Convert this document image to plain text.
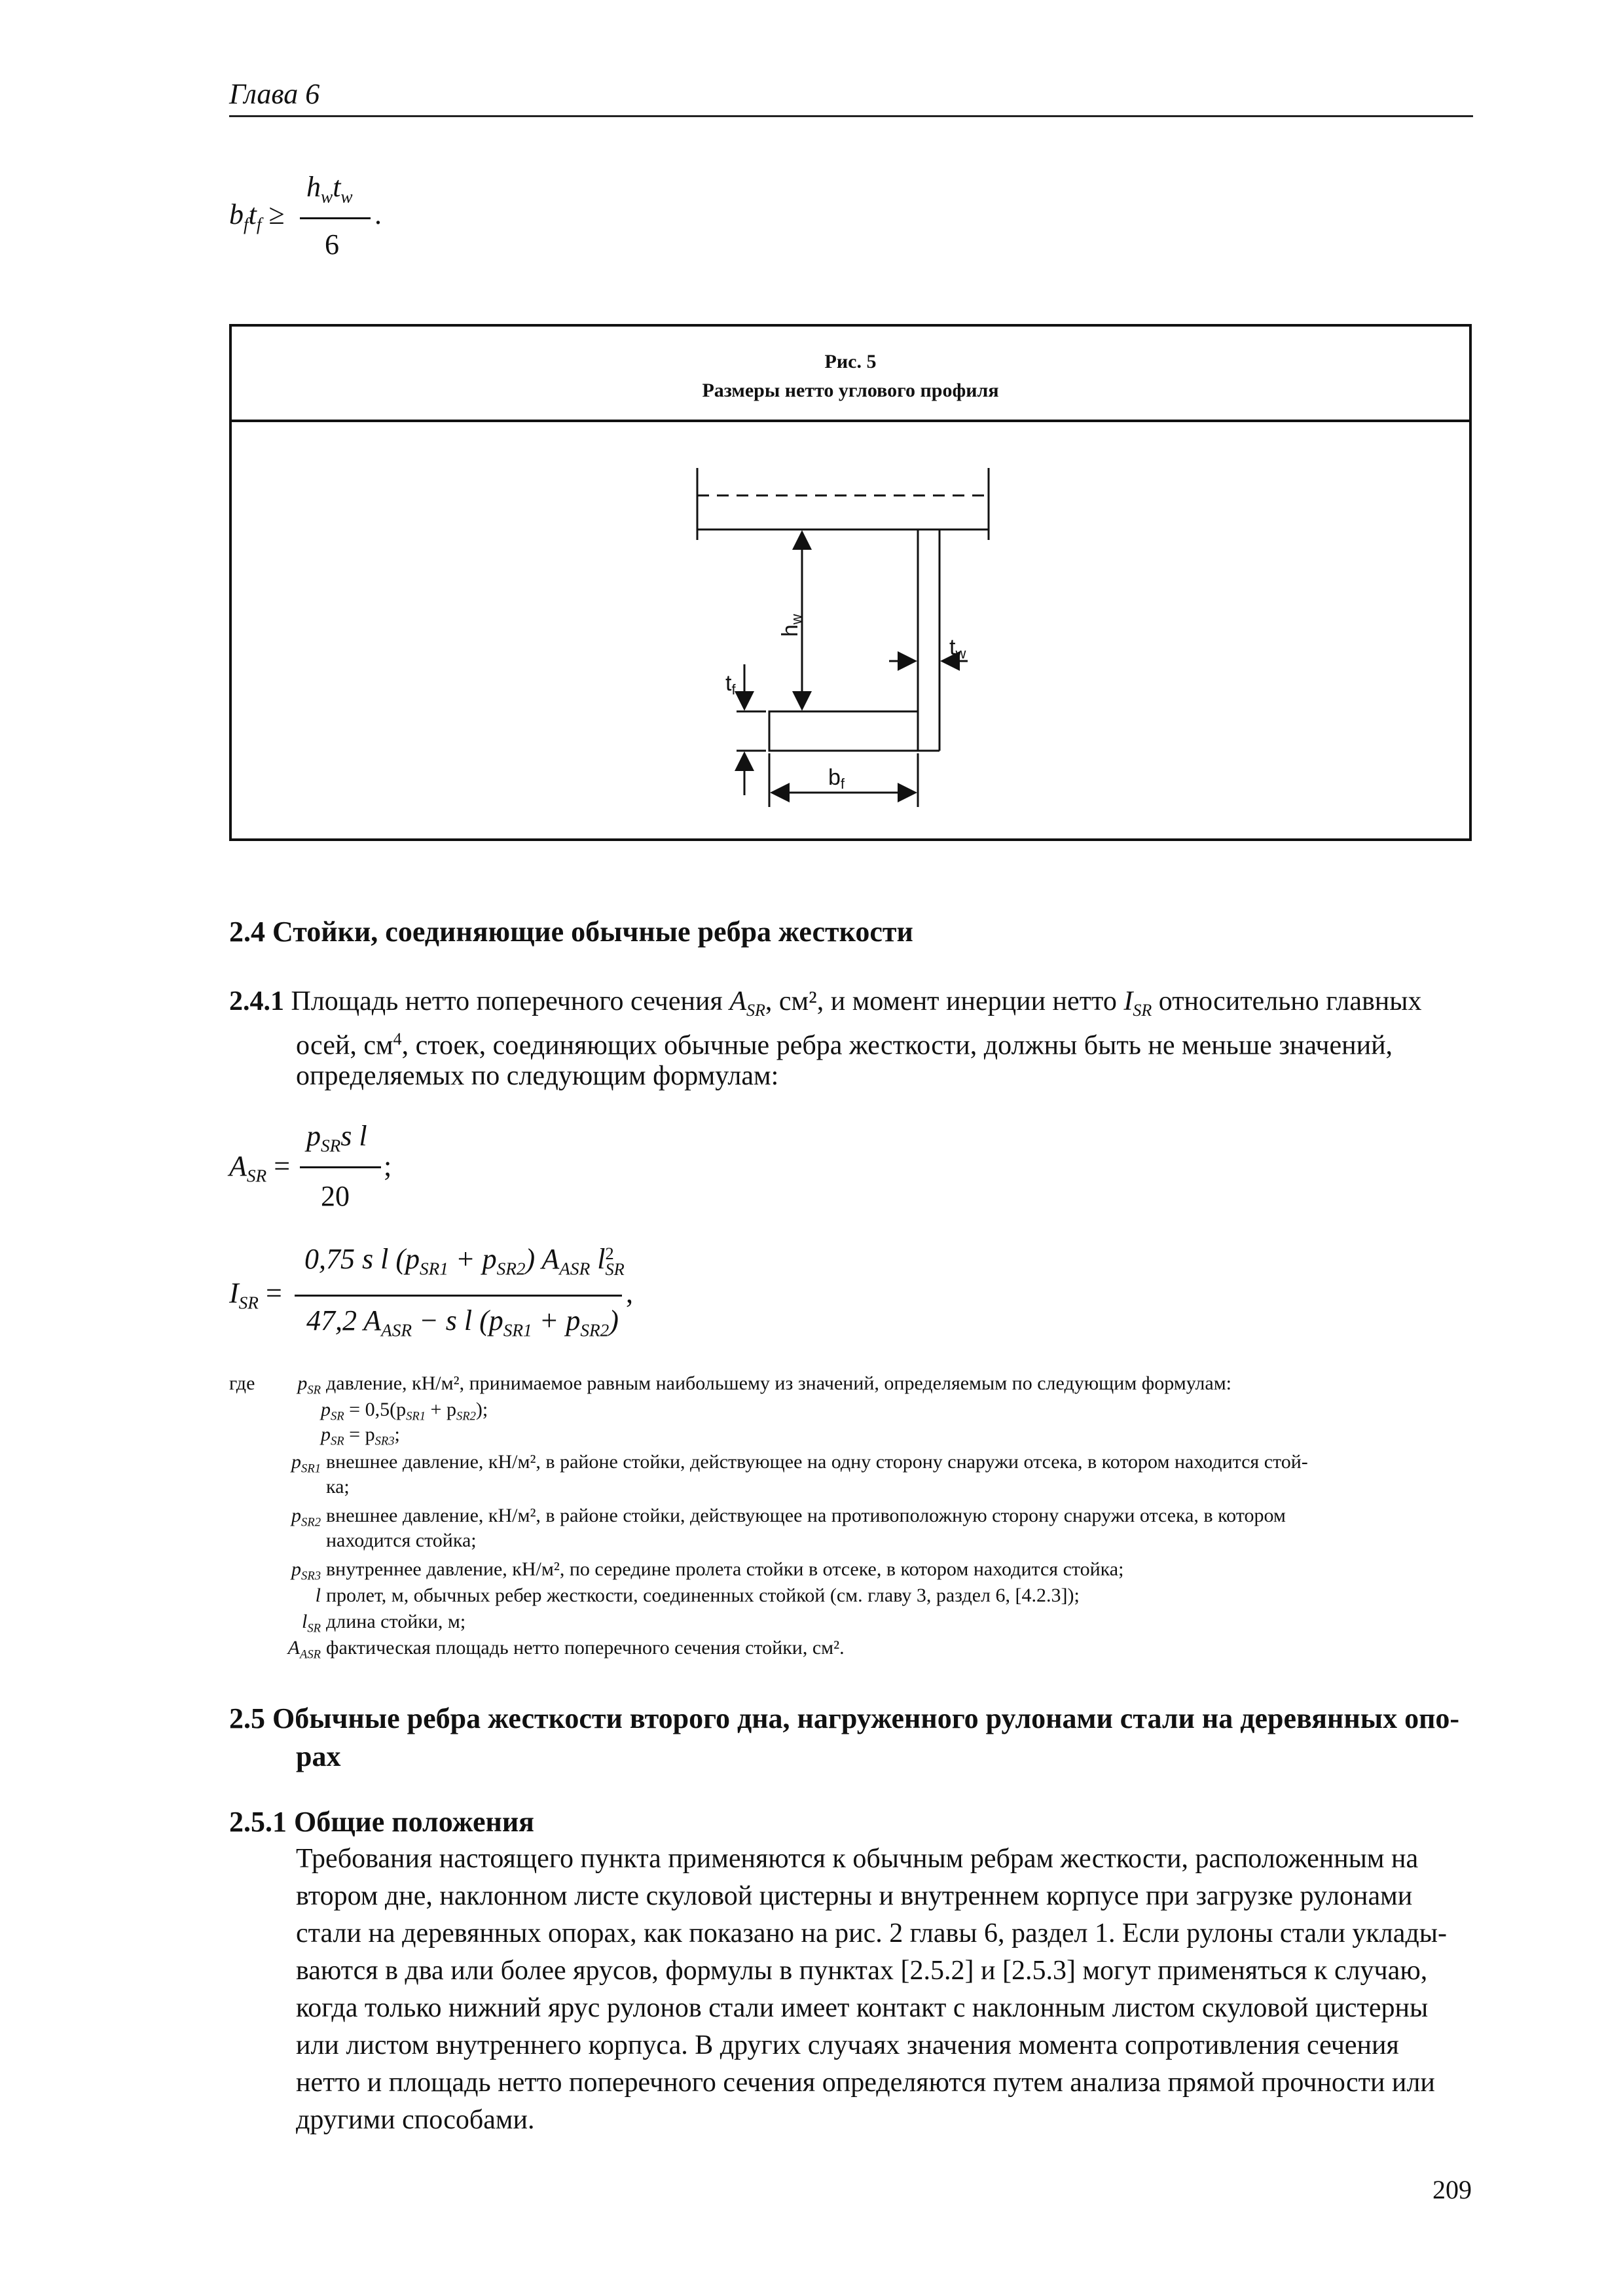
Глава 6
$b_ft_f$ ≥
$h_wt_w$
6
.
Рис. 5
Размеры нетто углового профиля
hw
tw
tf
bf
2.4 Стойки, соединяющие обычные ребра жесткости
2.4.1 Площадь нетто поперечного сечения $A_{SR}$, см², и момент инерции нетто $I_{SR}$ относительно главных
осей, $см^4$, стоек, соединяющих обычные ребра жесткости, должны быть не меньше значений,
определяемых по следующим формулам:
$A_{SR}$ =
$p_{SR}s$ l
20
;
$I_{SR}$ =
0,75 s l $(p_{SR1} + p_{SR2})$ $A_{ASR}$ l 2
SR
47,2 $A_{ASR} - s$ l $(p_{SR1} + p_{SR2})$
,
где	$p_{SR}$ давление, кН/м², принимаемое равным наибольшему из значений, определяемым по следующим формулам:
$p_{SR} = 0,5(p_{SR1} + p_{SR2})$;
$p_{SR} = p_{SR3}$;
$p_{SR1}$ внешнее давление, кН/м², в районе стойки, действующее на одну сторону снаружи отсека, в котором находится стой-
ка;
$p_{SR2}$ внешнее давление, кН/м², в районе стойки, действующее на противоположную сторону снаружи отсека, в котором
находится стойка;
$p_{SR3}$ внутреннее давление, кН/м², по середине пролета стойки в отсеке, в котором находится стойка;
l пролет, м, обычных ребер жесткости, соединенных стойкой (см. главу 3, раздел 6, [4.2.3]);
$l_{SR}$ длина стойки, м;
$A_{ASR}$ фактическая площадь нетто поперечного сечения стойки, см².
2.5 Обычные ребра жесткости второго дна, нагруженного рулонами стали на деревянных опо-
рах
2.5.1 Общие положения
Требования настоящего пункта применяются к обычным ребрам жесткости, расположенным на
втором дне, наклонном листе скуловой цистерны и внутреннем корпусе при загрузке рулонами
стали на деревянных опорах, как показано на рис. 2 главы 6, раздел 1. Если рулоны стали уклады-
ваются в два или более ярусов, формулы в пунктах [2.5.2] и [2.5.3] могут применяться к случаю,
когда только нижний ярус рулонов стали имеет контакт с наклонным листом скуловой цистерны
или листом внутреннего корпуса. В других случаях значения момента сопротивления сечения
нетто и площадь нетто поперечного сечения определяются путем анализа прямой прочности или
другими способами.
209
